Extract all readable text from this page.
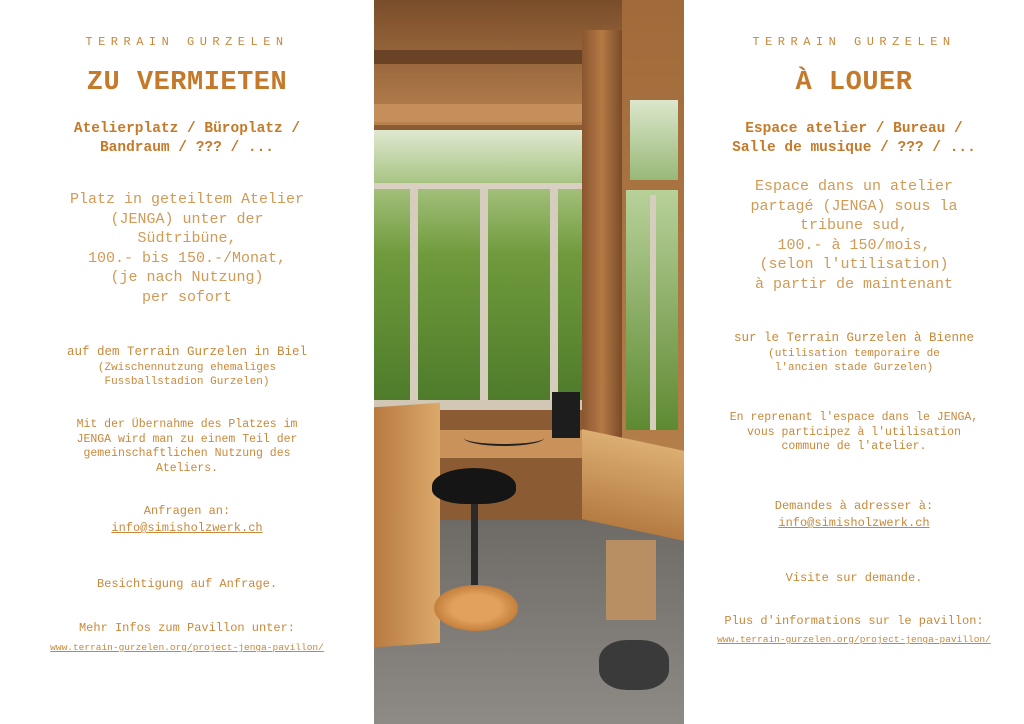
TERRAIN GURZELEN

ZU VERMIETEN

Atelierplatz / Büroplatz /
Bandraum / ??? / ...

Platz in geteiltem Atelier
(JENGA) unter der
Südtribüne,
100.- bis 150.-/Monat,
(je nach Nutzung)
per sofort

auf dem Terrain Gurzelen in Biel
(Zwischennutzung ehemaliges
Fussballstadion Gurzelen)

Mit der Übernahme des Platzes im
JENGA wird man zu einem Teil der
gemeinschaftlichen Nutzung des
Ateliers.

Anfragen an:
info@simisholzwerk.ch

Besichtigung auf Anfrage.

Mehr Infos zum Pavillon unter:

www.terrain-gurzelen.org/project-jenga-pavillon/

TERRAIN GURZELEN

À LOUER

Espace atelier / Bureau /
Salle de musique / ??? / ...

Espace dans un atelier
partagé (JENGA) sous la
tribune sud,
100.- à 150/mois,
(selon l'utilisation)
à partir de maintenant

sur le Terrain Gurzelen à Bienne
(utilisation temporaire de
l'ancien stade Gurzelen)

En reprenant l'espace dans le JENGA,
vous participez à l'utilisation
commune de l'atelier.

Demandes à adresser à:
info@simisholzwerk.ch

Visite sur demande.

Plus d'informations sur le pavillon:

www.terrain-gurzelen.org/project-jenga-pavillon/
